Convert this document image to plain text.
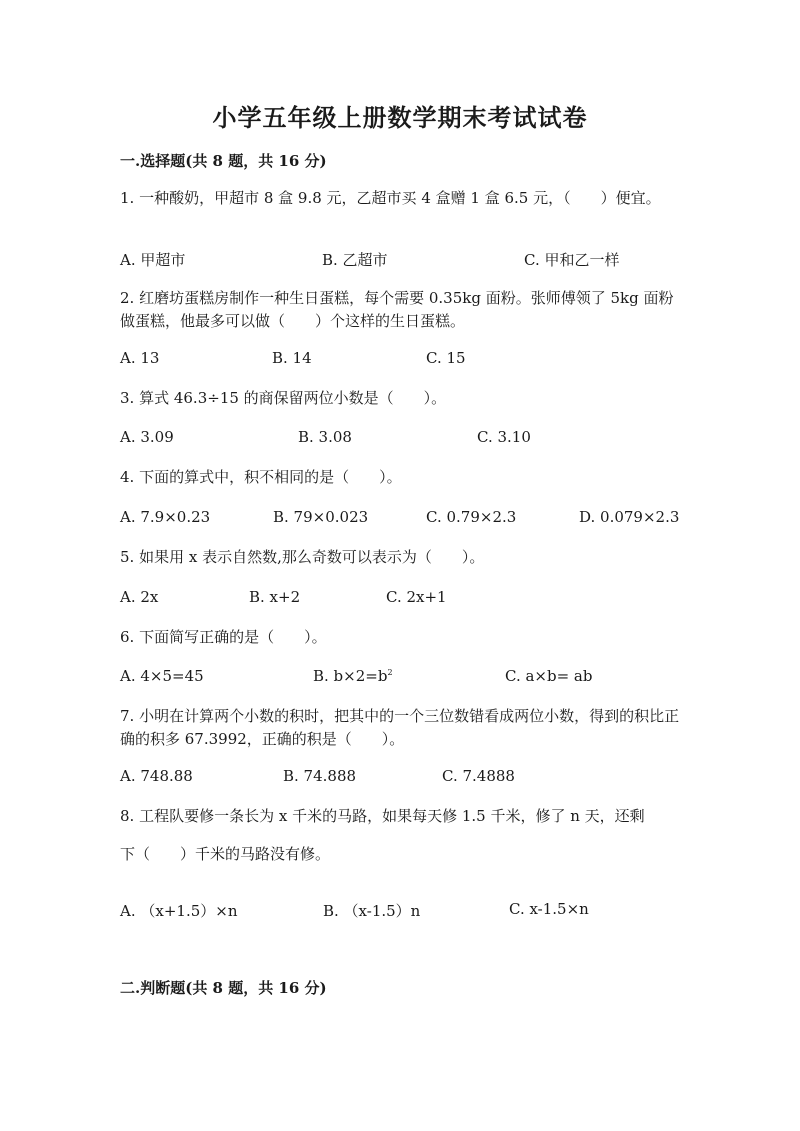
小学五年级上册数学期末考试试卷
一.选择题(共 8 题，共 16 分)
1. 一种酸奶，甲超市 8 盒 9.8 元，乙超市买 4 盒赠 1 盒 6.5 元，（　　）便宜。
A. 甲超市	B. 乙超市	C. 甲和乙一样
2. 红磨坊蛋糕房制作一种生日蛋糕，每个需要 0.35kg 面粉。张师傅领了 5kg 面粉做蛋糕，他最多可以做（　　）个这样的生日蛋糕。
A. 13	B. 14	C. 15
3. 算式 46.3÷15 的商保留两位小数是（　　）。
A. 3.09	B. 3.08	C. 3.10
4. 下面的算式中，积不相同的是（　　）。
A. 7.9×0.23	B. 79×0.023	C. 0.79×2.3	D. 0.079×2.3
5. 如果用 x 表示自然数,那么奇数可以表示为（　　）。
A. 2x	B. x+2	C. 2x+1
6. 下面简写正确的是（　　）。
A. 4×5=45	B. $b\times 2=b^2$	C. a×b= ab
7. 小明在计算两个小数的积时，把其中的一个三位数错看成两位小数，得到的积比正确的积多 67.3992，正确的积是（　　）。
A. 748.88	B. 74.888	C. 7.4888
8. 工程队要修一条长为 x 千米的马路，如果每天修 1.5 千米，修了 n 天，还剩
下（　　）千米的马路没有修。
A. （x+1.5）×n	B. （x-1.5）n	C. x-1.5×n
二.判断题(共 8 题，共 16 分)
